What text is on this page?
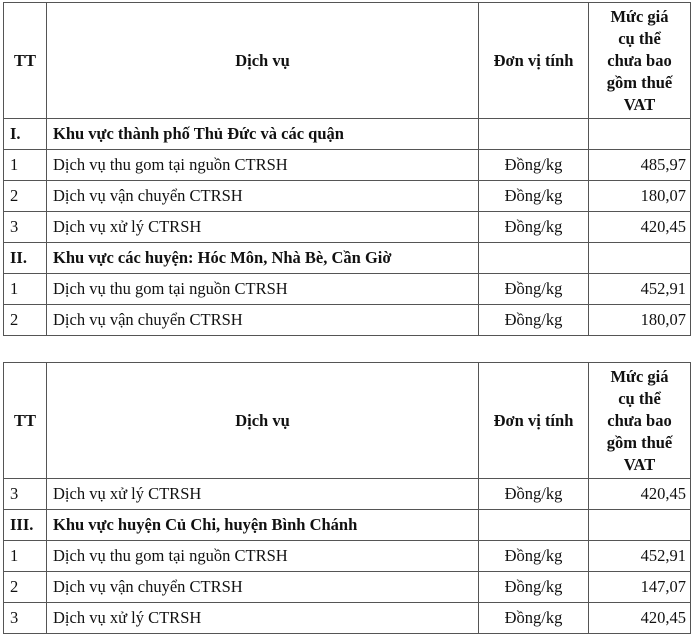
TT	Dịch vụ	Đơn vị tính	Mức giá
cụ thể
chưa bao
gồm thuế
VAT

I.	Khu vực thành phố Thủ Đức và các quận		
1	Dịch vụ thu gom tại nguồn CTRSH	Đồng/kg	485,97
2	Dịch vụ vận chuyển CTRSH	Đồng/kg	180,07
3	Dịch vụ xử lý CTRSH	Đồng/kg	420,45
II.	Khu vực các huyện: Hóc Môn, Nhà Bè, Cần Giờ		
1	Dịch vụ thu gom tại nguồn CTRSH	Đồng/kg	452,91
2	Dịch vụ vận chuyển CTRSH	Đồng/kg	180,07
TT	Dịch vụ	Đơn vị tính	Mức giá
cụ thể
chưa bao
gồm thuế
VAT

3	Dịch vụ xử lý CTRSH	Đồng/kg	420,45
III.	Khu vực huyện Củ Chi, huyện Bình Chánh		
1	Dịch vụ thu gom tại nguồn CTRSH	Đồng/kg	452,91
2	Dịch vụ vận chuyển CTRSH	Đồng/kg	147,07
3	Dịch vụ xử lý CTRSH	Đồng/kg	420,45
